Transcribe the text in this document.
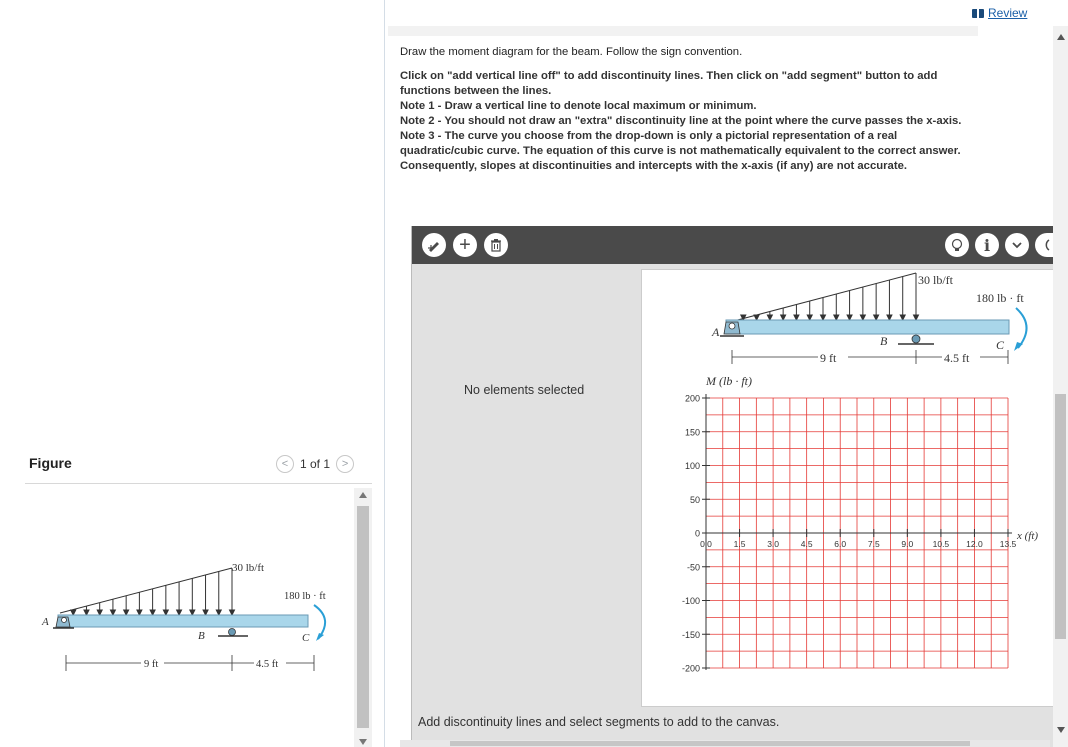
Figure	< 1 of 1	>
30 lb/ft
A
B	C
180 lb · ft
9 ft	4.5 ft
Review

Draw the moment diagram for the beam. Follow the sign convention.

Click on "add vertical line off" to add discontinuity lines. Then click on "add segment" button to add functions between the lines.
Note 1 - Draw a vertical line to denote local maximum or minimum.
Note 2 - You should not draw an "extra" discontinuity line at the point where the curve passes the x-axis.
Note 3 - The curve you choose from the drop-down is only a pictorial representation of a real quadratic/cubic curve. The equation of this curve is not mathematically equivalent to the correct answer. Consequently, slopes at discontinuities and intercepts with the x-axis (if any) are not accurate.
+	i
No elements selected
30 lb/ft
A
B	C
180 lb · ft
9 ft	4.5 ft
M (lb · ft)
200
150
100
50
0
-50
-100
-150
-200
0.0	1.5	3.0	4.5	6.0	7.5	9.0 10.5 12.0 13.5
x (ft)
Add discontinuity lines and select segments to add to the canvas.
